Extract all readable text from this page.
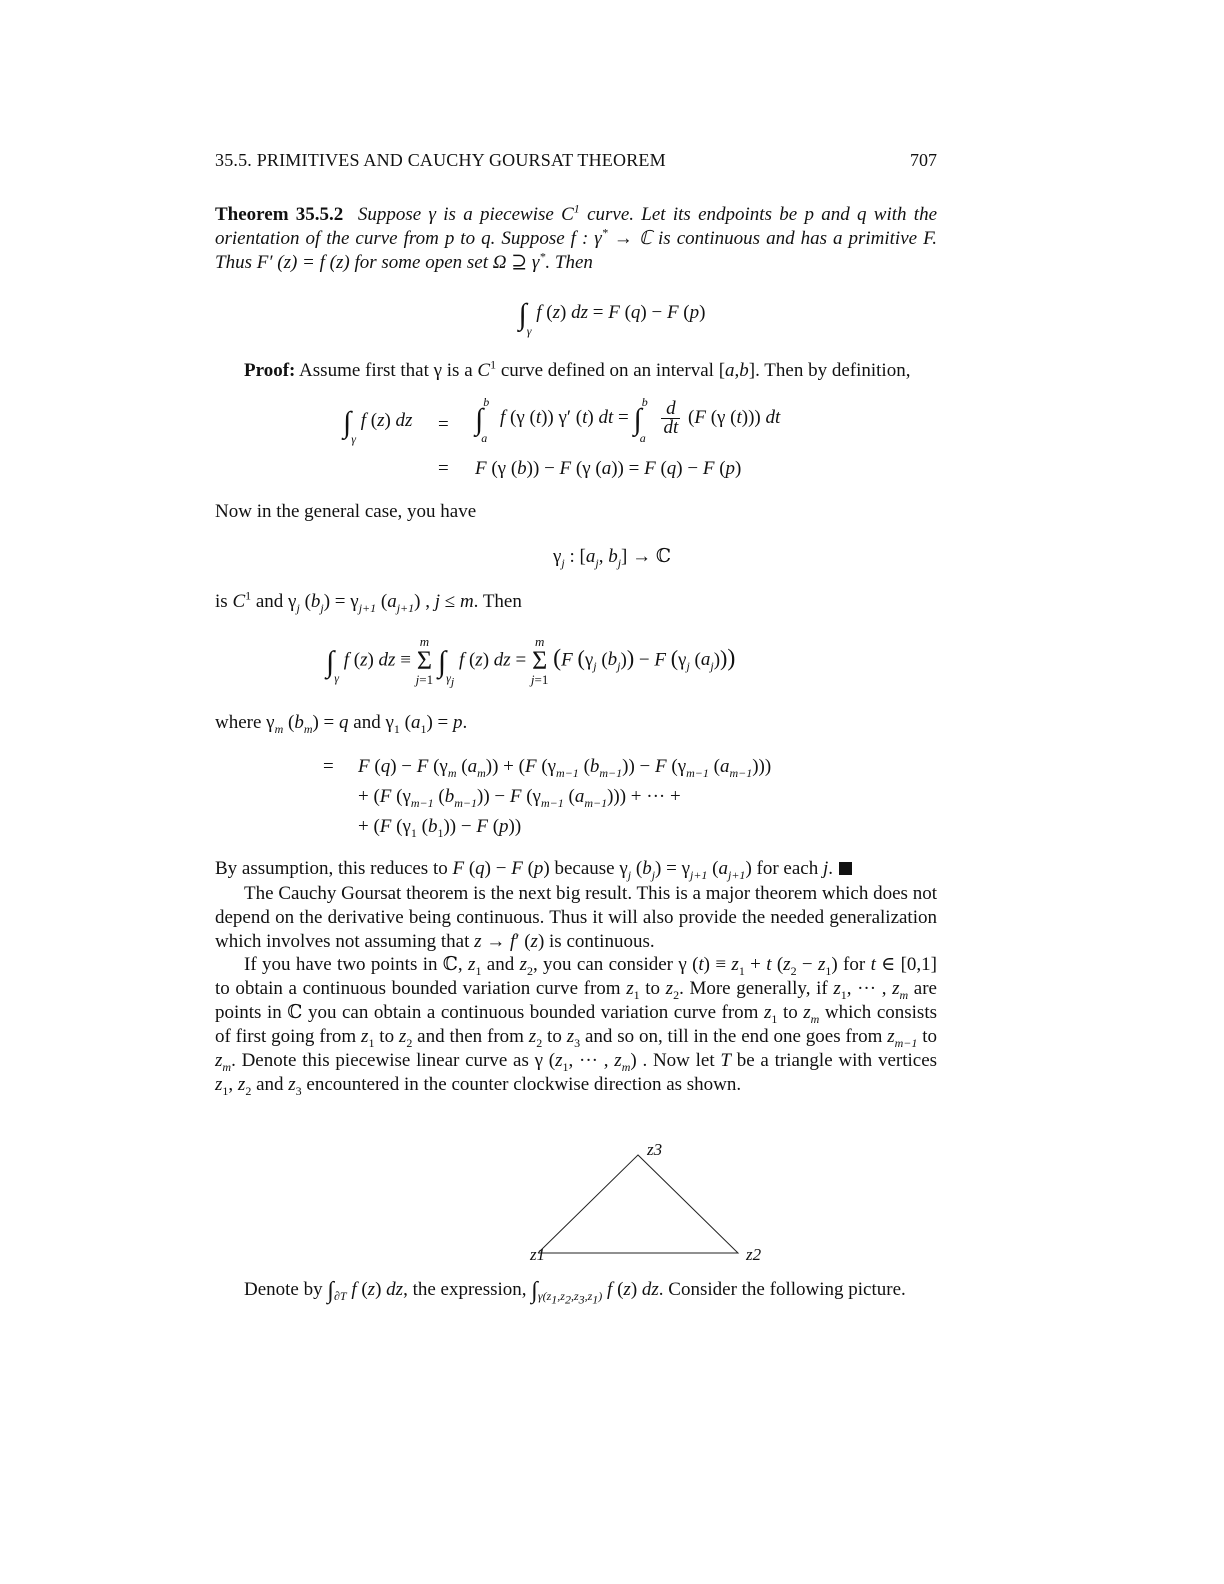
35.5. PRIMITIVES AND CAUCHY GOURSAT THEOREM	707
Theorem 35.5.2 Suppose γ is a piecewise $C^1$ curve. Let its endpoints be p and q with the orientation of the curve from p to q. Suppose f : γ* → ℂ is continuous and has a primitive F. Thus F′ (z) = f (z) for some open set Ω ⊇ γ*. Then
$\int_\gamma$ f (z) dz = F (q) − F (p)
Proof: Assume first that γ is a $C^1$ curve defined on an interval [a,b]. Then by definition,
$\int_\gamma$ f (z) dz = ∫$^b_a$ f (γ (t)) γ′ (t) dt = ∫$^b_a$
$\frac{d}{dt} (F$ (γ (t))) dt
= F (γ (b)) − F (γ (a)) = F (q) − F (p)
Now in the general case, you have
$\gamma_j$ : [$a_j$, $b_j$] → ℂ
is $C^1$ and $\gamma_j$ $(b_j) = \gamma_{j+1}$ $(a_{j+1})$ , j ≤ m. Then
$\int_\gamma$ f (z) dz ≡
m
Σ
j=1
$\int_{\gamma_j}$ f (z) dz =
m
Σ
j=1
(F ($\gamma_j$ $(b_j)) - F$ ($\gamma_j$ $(a_j)$))
where $\gamma_m$ $(b_m) = q$ and $\gamma_1$ $(a_1) = p$.
= F (q) − F ($\gamma_m$ $(a_m)) + (F$ ($\gamma_{m-1}$ $(b_{m-1})) - F$ ($\gamma_{m-1}$ $(a_{m-1})$))
+ (F ($\gamma_{m-1}$ $(b_{m-1})) - F$ ($\gamma_{m-1}$ $(a_{m-1})$)) + ··· +
+ (F ($\gamma_1$ $(b_1)) - F$ (p))
By assumption, this reduces to F (q) − F (p) because $\gamma_j$ $(b_j) = \gamma_{j+1}$ $(a_{j+1})$ for each j.
The Cauchy Goursat theorem is the next big result. This is a major theorem which does not depend on the derivative being continuous. Thus it will also provide the needed generalization which involves not assuming that z → f′ (z) is continuous.
If you have two points in ℂ, $z_1$ and $z_2$, you can consider γ $(t) \equiv z_1 + t$ $(z_2 - z_1)$ for t ∈ [0,1] to obtain a continuous bounded variation curve from $z_1$ to $z_2$. More generally, if $z_1$, ··· , $z_m$ are points in ℂ you can obtain a continuous bounded variation curve from $z_1$ to $z_m$ which consists of first going from $z_1$ to $z_2$ and then from $z_2$ to $z_3$ and so on, till in the end one goes from $z_{m-1}$ to $z_m$. Denote this piecewise linear curve as γ ($z_1$, ··· , $z_m$) . Now let T be a triangle with vertices $z_1$, $z_2$ and $z_3$ encountered in the counter clockwise direction as shown.
z3
z1	z2
Denote by $\int_{\partial T}$ f (z) dz, the expression, $\int_{\gamma(z_1,z_2,z_3,z_1)}$ f (z) dz. Consider the following picture.
